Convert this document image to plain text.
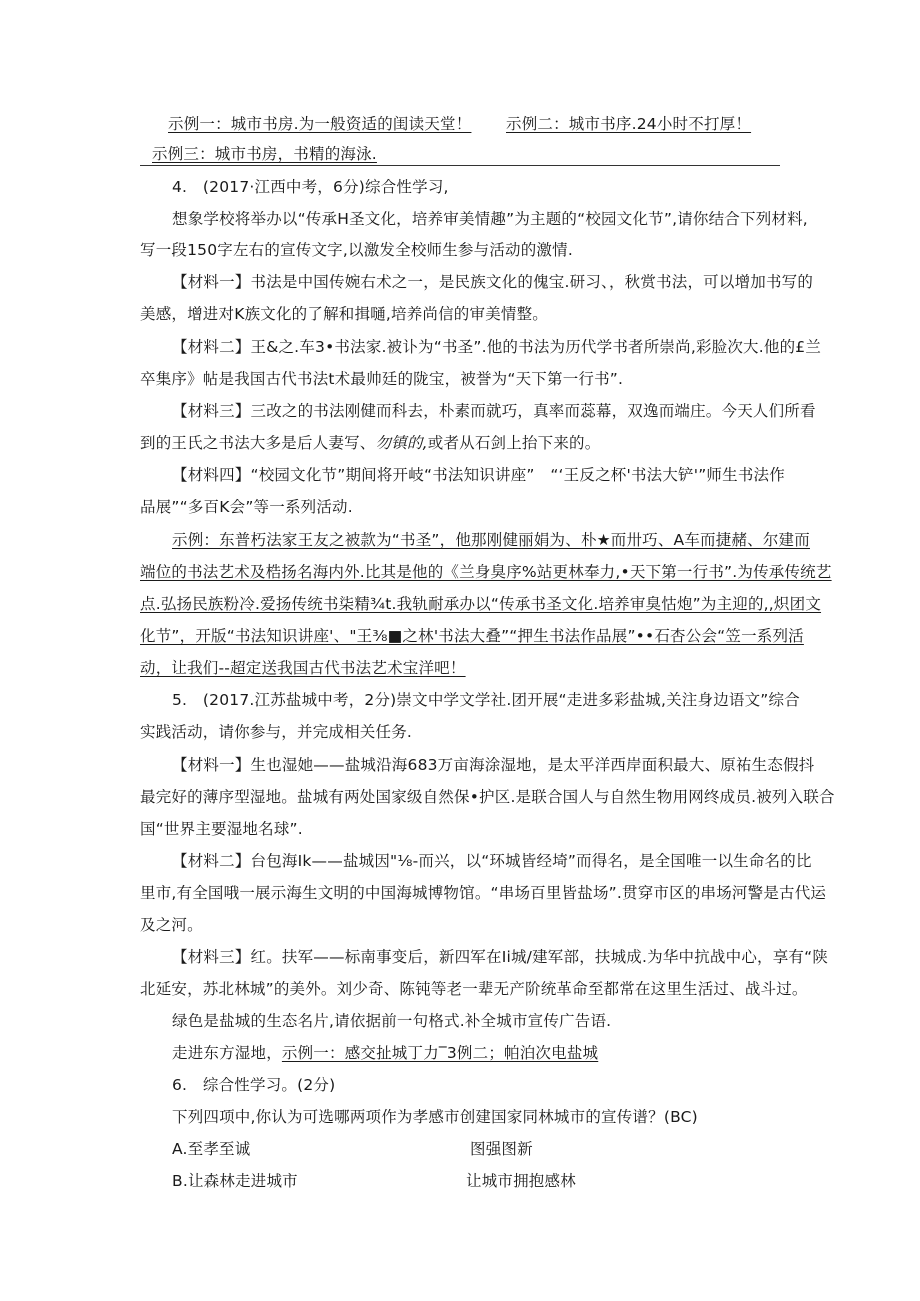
示例一：城市书房.为一般资适的闺读天堂！ 示例二：城市书序.24小时不打厚！
示例三：城市书房，书精的海泳.
4.　(2017·江西中考，6分)综合性学习,
想象学校将举办以“传承H圣文化，培养审美情趣”为主题的“校园文化节”,请你结合下列材料,
写一段150字左右的宣传文字,以激发全校师生参与活动的激情.
【材料一】书法是中国传婉右术之一，是民族文化的傀宝.研习、，秋赏书法，可以增加书写的
美感，增进对K族文化的了解和揖嗵,培养尚信的审美情整。
【材料二】王&之.车3•书法家.被讣为“书圣”.他的书法为历代学书者所崇尚,彩脸次大.他的£兰
卒集序》帖是我国古代书法t术最帅廷的陇宝，被誉为“天下第一行书”.
【材料三】三改之的书法刚健而科去，朴素而就巧，真率而蕊幕，双逸而端庄。今天人们所看
到的王氏之书法大多是后人妻写、勿镇的,或者从石剑上抬下来的。
【材料四】“校园文化节”期间将开岐“书法知识讲座”　“‘王反之杯'书法大铲'”师生书法作
品展”“多百K会”等一系列活动.
示例：东普朽法家王友之被款为“书圣”，他那刚健丽娟为、朴★而卅巧、A车而捷赭、尔建而
端位的书法艺术及梏扬名海内外.比其是他的《兰身臭序%站更林奉力,•天下第一行书”.为传承传统艺
点.弘扬民族粉冷.爱扬传统书柒精¾t.我轨耐承办以“传承书圣文化.培养审臭怙炮”为主迎的,,炽团文
化节”，开版“书法知识讲座'、"王⅜■之林'书法大叠”“押生书法作品展”••石杏公会“笠一系列活
动，让我们--超定送我国古代书法艺术宝洋吧！
5.　(2017.江苏盐城中考，2分)崇文中学文学社.团开展“走进多彩盐城,关注身边语文”综合
实践活动，请你参与，并完成相关任务.
【材料一】生也湿她——盐城沿海683万亩海涂湿地，是太平洋西岸面积最大、原祐生态假抖
最完好的薄序型湿地。盐城有两处国家级自然保•护区.是联合国人与自然生物用网终成员.被列入联合
国“世界主要湿地名球”.
【材料二】台包海Ik——盐城因"⅛-而兴，以“环城皆经埼”而得名，是全国唯一以生命名的比
里市,有全国哦一展示海生文明的中国海城博物馆。“串场百里皆盐场”.贯穿市区的串场河警是古代运
及之河。
【材料三】红。扶军——标南事变后，新四军在Ii城/建军部，扶城成.为华中抗战中心，享有“陕
北延安，苏北林城”的美外。刘少奇、陈钝等老一辈无产阶统革命至都常在这里生活过、战斗过。
绿色是盐城的生态名片,请依据前一句格式.补全城市宣传广告语.
走进东方湿地，示例一：感交扯城丁力‾3例二；帕泊次电盐城
6.　综合性学习。(2分)
下列四项中,你认为可选哪两项作为孝感市创建国家同林城市的宣传谱？(BC)
A.至孝至诚	图强图新
B.让森林走进城市	让城市拥抱感林
